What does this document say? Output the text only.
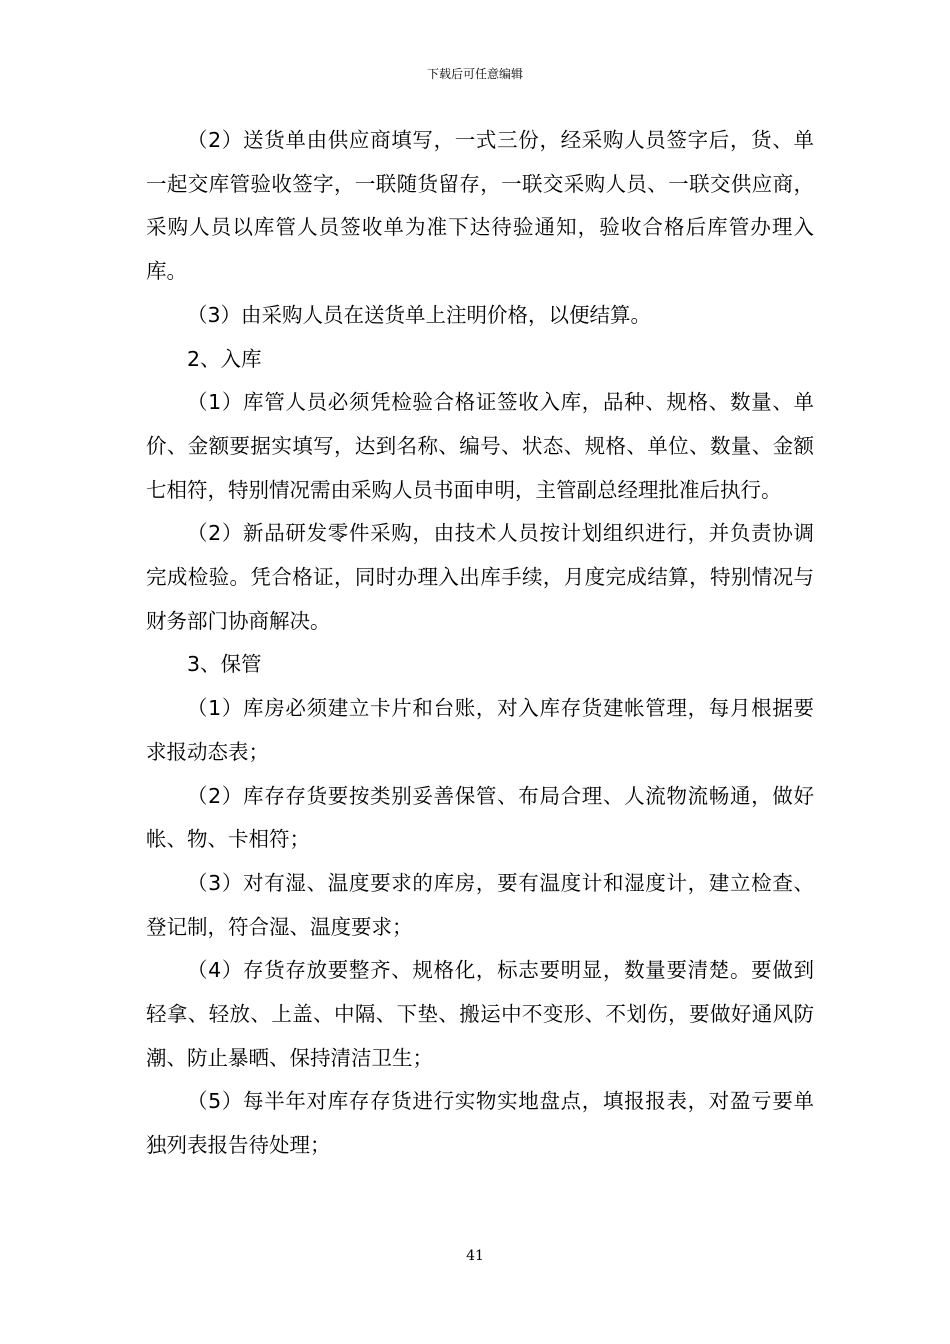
下载后可任意编辑

（2）送货单由供应商填写，一式三份，经采购人员签字后，货、单一起交库管验收签字，一联随货留存，一联交采购人员、一联交供应商，采购人员以库管人员签收单为准下达待验通知，验收合格后库管办理入库。

（3）由采购人员在送货单上注明价格，以便结算。

2、入库

（1）库管人员必须凭检验合格证签收入库，品种、规格、数量、单价、金额要据实填写，达到名称、编号、状态、规格、单位、数量、金额七相符，特别情况需由采购人员书面申明，主管副总经理批准后执行。

（2）新品研发零件采购，由技术人员按计划组织进行，并负责协调完成检验。凭合格证，同时办理入出库手续，月度完成结算，特别情况与财务部门协商解决。

3、保管

（1）库房必须建立卡片和台账，对入库存货建帐管理，每月根据要求报动态表；

（2）库存存货要按类别妥善保管、布局合理、人流物流畅通，做好帐、物、卡相符；

（3）对有湿、温度要求的库房，要有温度计和湿度计，建立检查、登记制，符合湿、温度要求；

（4）存货存放要整齐、规格化，标志要明显，数量要清楚。要做到轻拿、轻放、上盖、中隔、下垫、搬运中不变形、不划伤，要做好通风防潮、防止暴晒、保持清洁卫生；

（5）每半年对库存存货进行实物实地盘点，填报报表，对盈亏要单独列表报告待处理；

41
